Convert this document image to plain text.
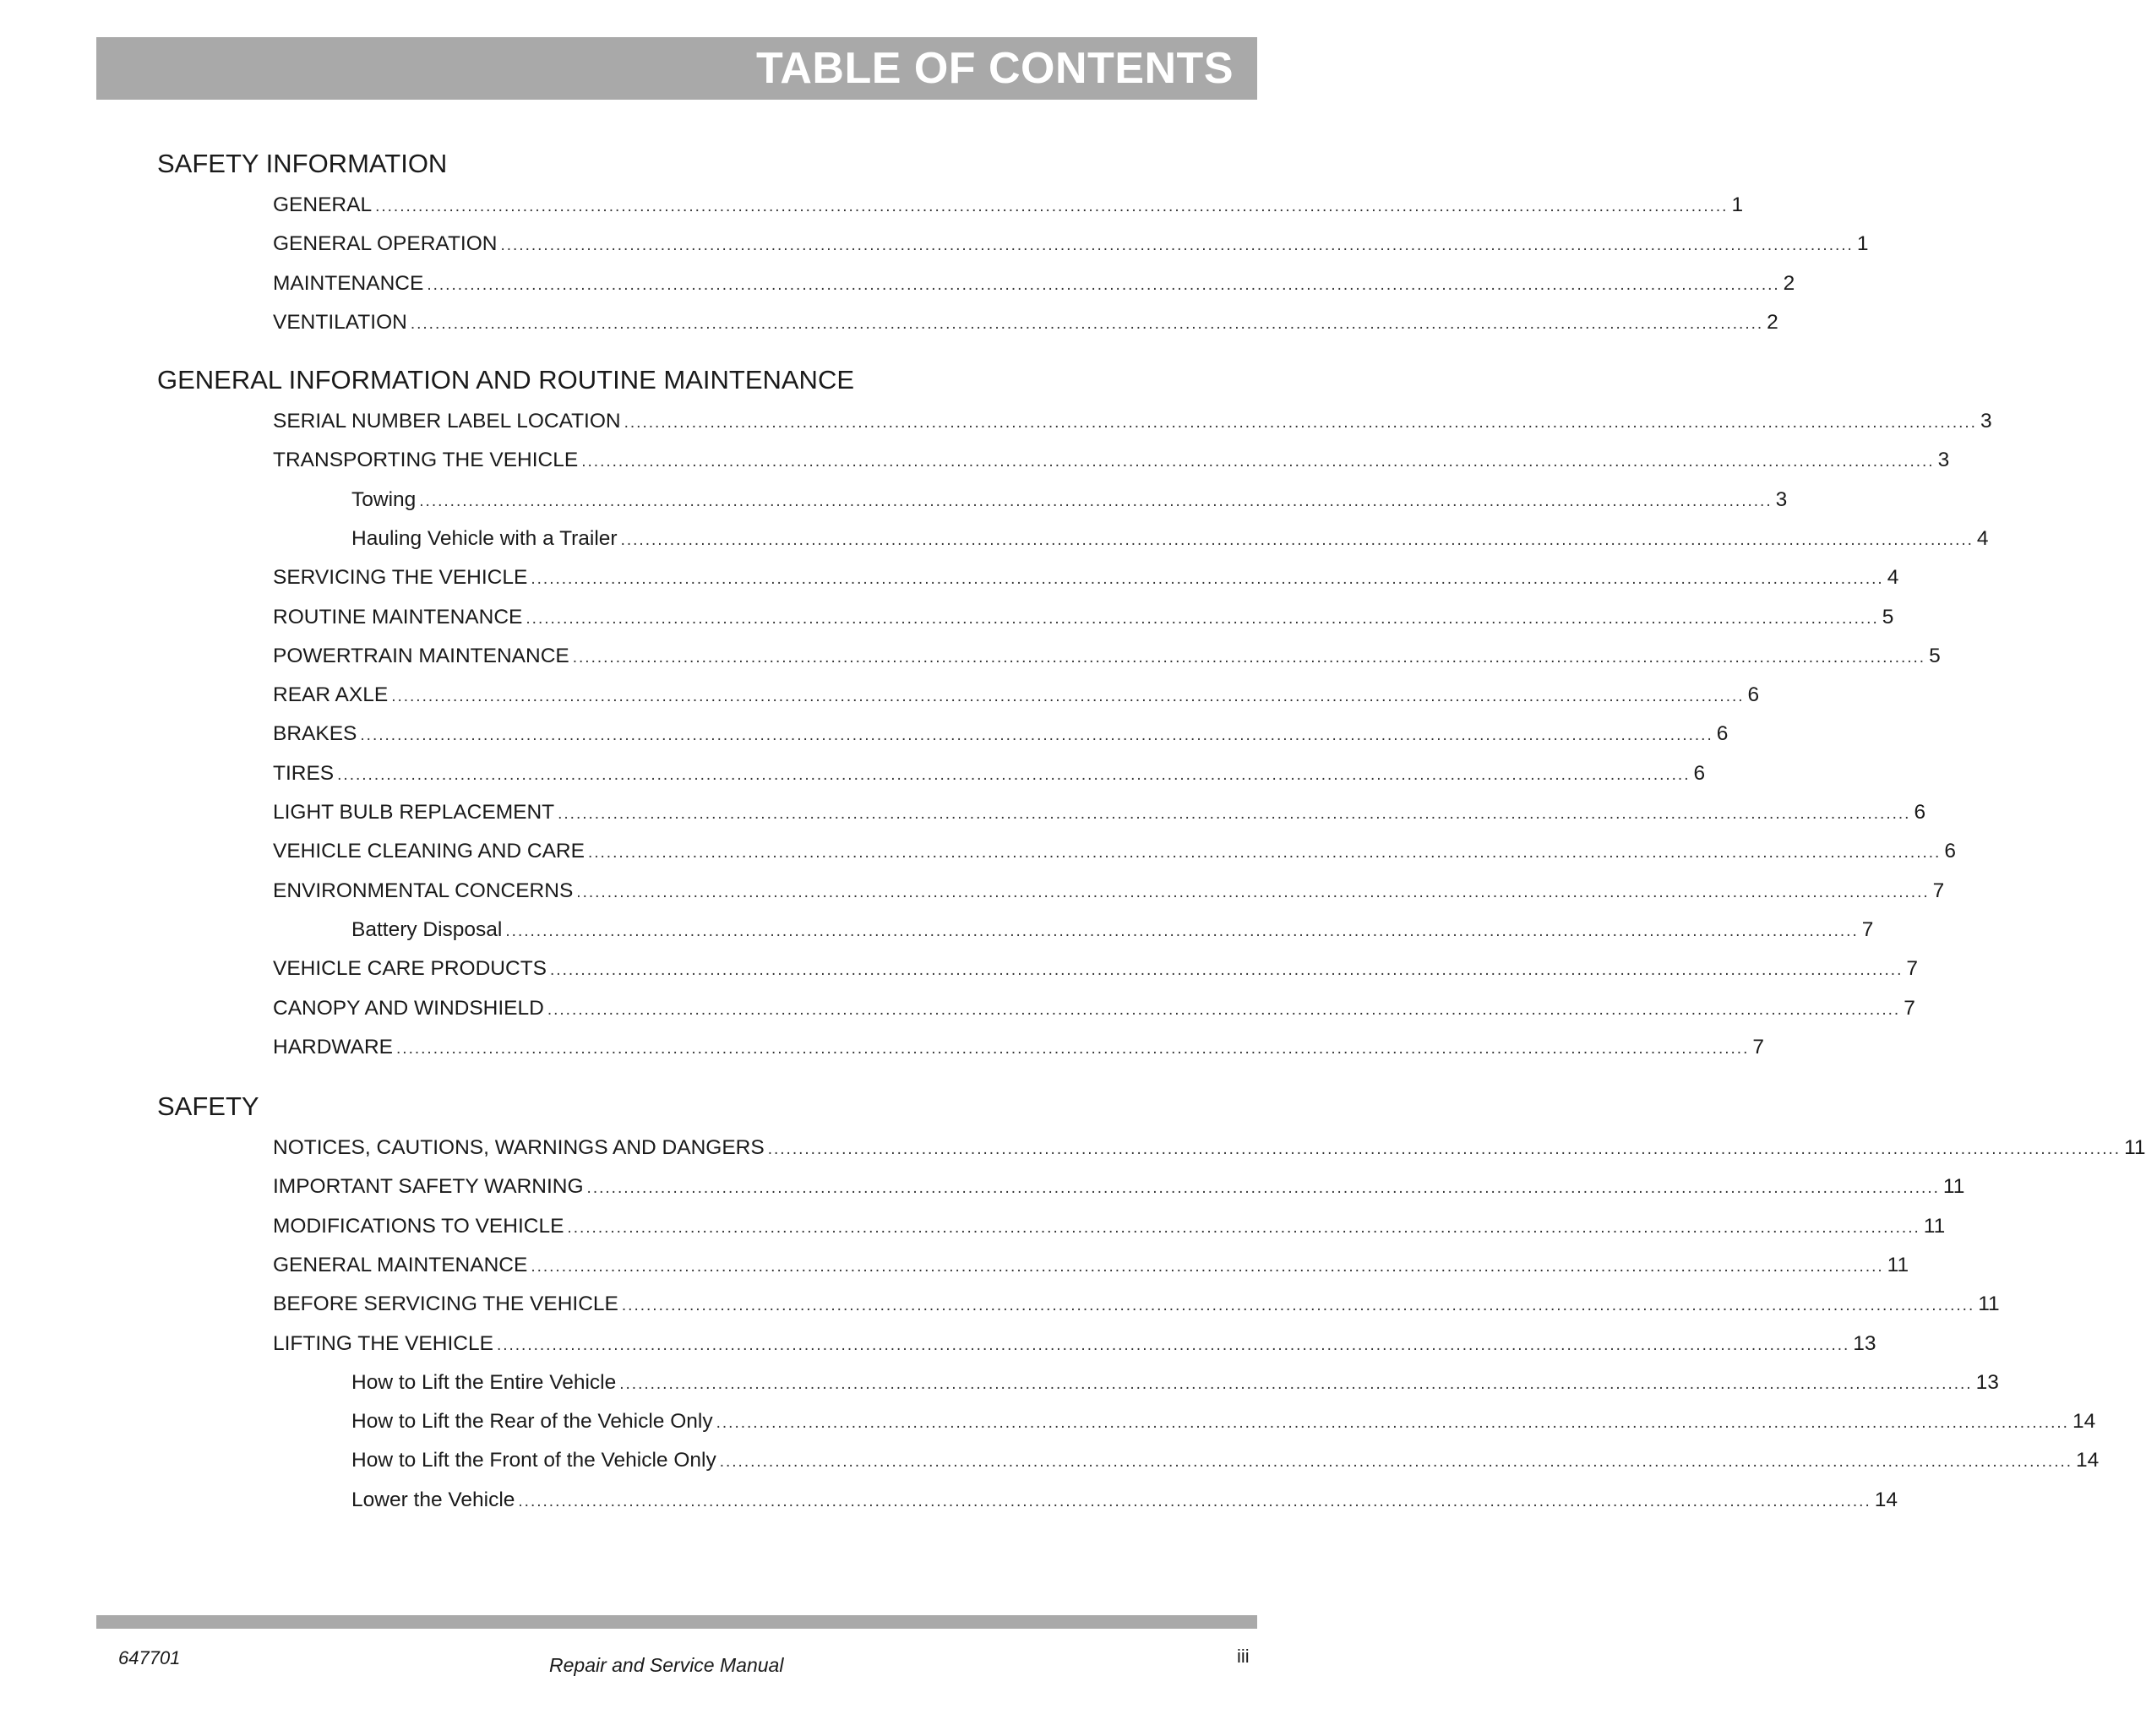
TABLE OF CONTENTS
SAFETY INFORMATION
GENERAL ............................................................................................................................................................................................................................ 1
GENERAL OPERATION ............................................................................................................................................................................................................................ 1
MAINTENANCE ............................................................................................................................................................................................................................ 2
VENTILATION ............................................................................................................................................................................................................................ 2
GENERAL INFORMATION AND ROUTINE MAINTENANCE
SERIAL NUMBER LABEL LOCATION ............................................................................................................................................................................................................................ 3
TRANSPORTING THE VEHICLE ............................................................................................................................................................................................................................ 3
Towing ............................................................................................................................................................................................................................ 3
Hauling Vehicle with a Trailer ............................................................................................................................................................................................................................ 4
SERVICING THE VEHICLE ............................................................................................................................................................................................................................ 4
ROUTINE MAINTENANCE ............................................................................................................................................................................................................................ 5
POWERTRAIN MAINTENANCE ............................................................................................................................................................................................................................ 5
REAR AXLE ............................................................................................................................................................................................................................ 6
BRAKES ............................................................................................................................................................................................................................ 6
TIRES ............................................................................................................................................................................................................................ 6
LIGHT BULB REPLACEMENT ............................................................................................................................................................................................................................ 6
VEHICLE CLEANING AND CARE ............................................................................................................................................................................................................................ 6
ENVIRONMENTAL CONCERNS ............................................................................................................................................................................................................................ 7
Battery Disposal ............................................................................................................................................................................................................................ 7
VEHICLE CARE PRODUCTS ............................................................................................................................................................................................................................ 7
CANOPY AND WINDSHIELD ............................................................................................................................................................................................................................ 7
HARDWARE ............................................................................................................................................................................................................................ 7
SAFETY
NOTICES, CAUTIONS, WARNINGS AND DANGERS ............................................................................................................................................................................................................................ 11
IMPORTANT SAFETY WARNING ............................................................................................................................................................................................................................ 11
MODIFICATIONS TO VEHICLE ............................................................................................................................................................................................................................ 11
GENERAL MAINTENANCE ............................................................................................................................................................................................................................ 11
BEFORE SERVICING THE VEHICLE ............................................................................................................................................................................................................................ 11
LIFTING THE VEHICLE ............................................................................................................................................................................................................................ 13
How to Lift the Entire Vehicle ............................................................................................................................................................................................................................ 13
How to Lift the Rear of the Vehicle Only ............................................................................................................................................................................................................................ 14
How to Lift the Front of the Vehicle Only ............................................................................................................................................................................................................................ 14
Lower the Vehicle ............................................................................................................................................................................................................................ 14
647701	Repair and Service Manual	iii
